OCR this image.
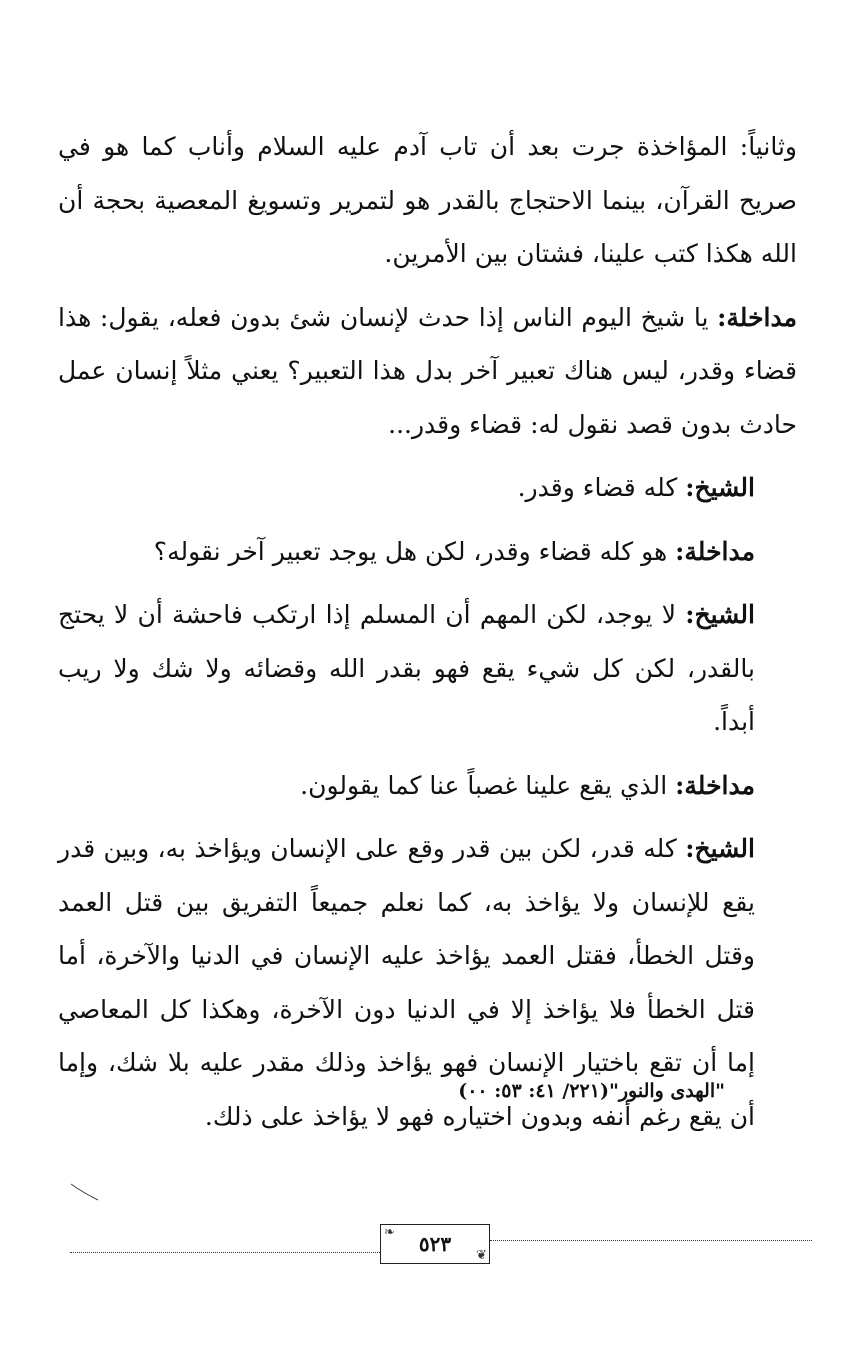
وثانياً: المؤاخذة جرت بعد أن تاب آدم عليه السلام وأناب كما هو في صريح القرآن، بينما الاحتجاج بالقدر هو لتمرير وتسويغ المعصية بحجة أن الله هكذا كتب علينا، فشتان بين الأمرين.

مداخلة: يا شيخ اليوم الناس إذا حدث لإنسان شئ بدون فعله، يقول: هذا قضاء وقدر، ليس هناك تعبير آخر بدل هذا التعبير؟ يعني مثلاً إنسان عمل حادث بدون قصد نقول له: قضاء وقدر...

الشيخ: كله قضاء وقدر.

مداخلة: هو كله قضاء وقدر، لكن هل يوجد تعبير آخر نقوله؟

الشيخ: لا يوجد، لكن المهم أن المسلم إذا ارتكب فاحشة أن لا يحتج بالقدر، لكن كل شيء يقع فهو بقدر الله وقضائه ولا شك ولا ريب أبداً.

مداخلة: الذي يقع علينا غصباً عنا كما يقولون.

الشيخ: كله قدر، لكن بين قدر وقع على الإنسان ويؤاخذ به، وبين قدر يقع للإنسان ولا يؤاخذ به، كما نعلم جميعاً التفريق بين قتل العمد وقتل الخطأ، فقتل العمد يؤاخذ عليه الإنسان في الدنيا والآخرة، أما قتل الخطأ فلا يؤاخذ إلا في الدنيا دون الآخرة، وهكذا كل المعاصي إما أن تقع باختيار الإنسان فهو يؤاخذ وذلك مقدر عليه بلا شك، وإما أن يقع رغم أنفه وبدون اختياره فهو لا يؤاخذ على ذلك.

"الهدى والنور"(٢٢١/ ٤١: ٥٣: ٠٠)
٥٢٣
❧
❦
